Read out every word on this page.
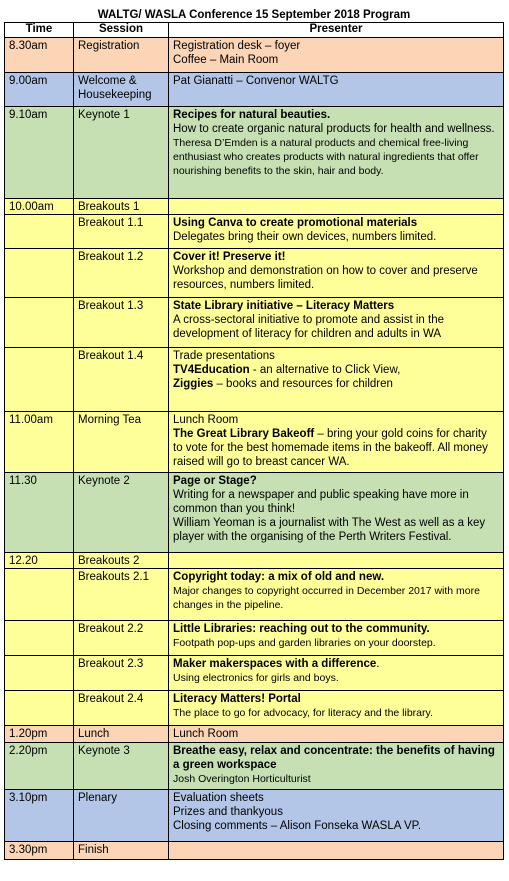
WALTG/ WASLA Conference 15 September 2018 Program
Time	Session	Presenter
8.30am	Registration	Registration desk – foyer
Coffee – Main Room

9.00am	Welcome & Housekeeping	Pat Gianatti – Convenor WALTG

9.10am	Keynote 1	Recipes for natural beauties.
How to create organic natural products for health and wellness.
Theresa D’Emden is a natural products and chemical free-living enthusiast who creates products with natural ingredients that offer nourishing benefits to the skin, hair and body.

10.00am	Breakouts 1	
	Breakout 1.1	Using Canva to create promotional materials
Delegates bring their own devices, numbers limited.

	Breakout 1.2	Cover it! Preserve it!
Workshop and demonstration on how to cover and preserve resources, numbers limited.

	Breakout 1.3	State Library initiative – Literacy Matters
A cross-sectoral initiative to promote and assist in the development of literacy for children and adults in WA

	Breakout 1.4	Trade presentations
TV4Education - an alternative to Click View,
Ziggies – books and resources for children

11.00am	Morning Tea	Lunch Room
The Great Library Bakeoff – bring your gold coins for charity to vote for the best homemade items in the bakeoff. All money raised will go to breast cancer WA.

11.30	Keynote 2	Page or Stage?
Writing for a newspaper and public speaking have more in common than you think!
William Yeoman is a journalist with The West as well as a key player with the organising of the Perth Writers Festival.

12.20	Breakouts 2	
	Breakouts 2.1	Copyright today: a mix of old and new.
Major changes to copyright occurred in December 2017 with more changes in the pipeline.

	Breakout 2.2	Little Libraries: reaching out to the community.
Footpath pop-ups and garden libraries on your doorstep.

	Breakout 2.3	Maker makerspaces with a difference.
Using electronics for girls and boys.

	Breakout 2.4	Literacy Matters! Portal
The place to go for advocacy, for literacy and the library.

1.20pm	Lunch	Lunch Room

2.20pm	Keynote 3	Breathe easy, relax and concentrate: the benefits of having a green workspace
Josh Overington Horticulturist

3.10pm	Plenary	Evaluation sheets
Prizes and thankyous
Closing comments – Alison Fonseka WASLA VP.

3.30pm	Finish	
